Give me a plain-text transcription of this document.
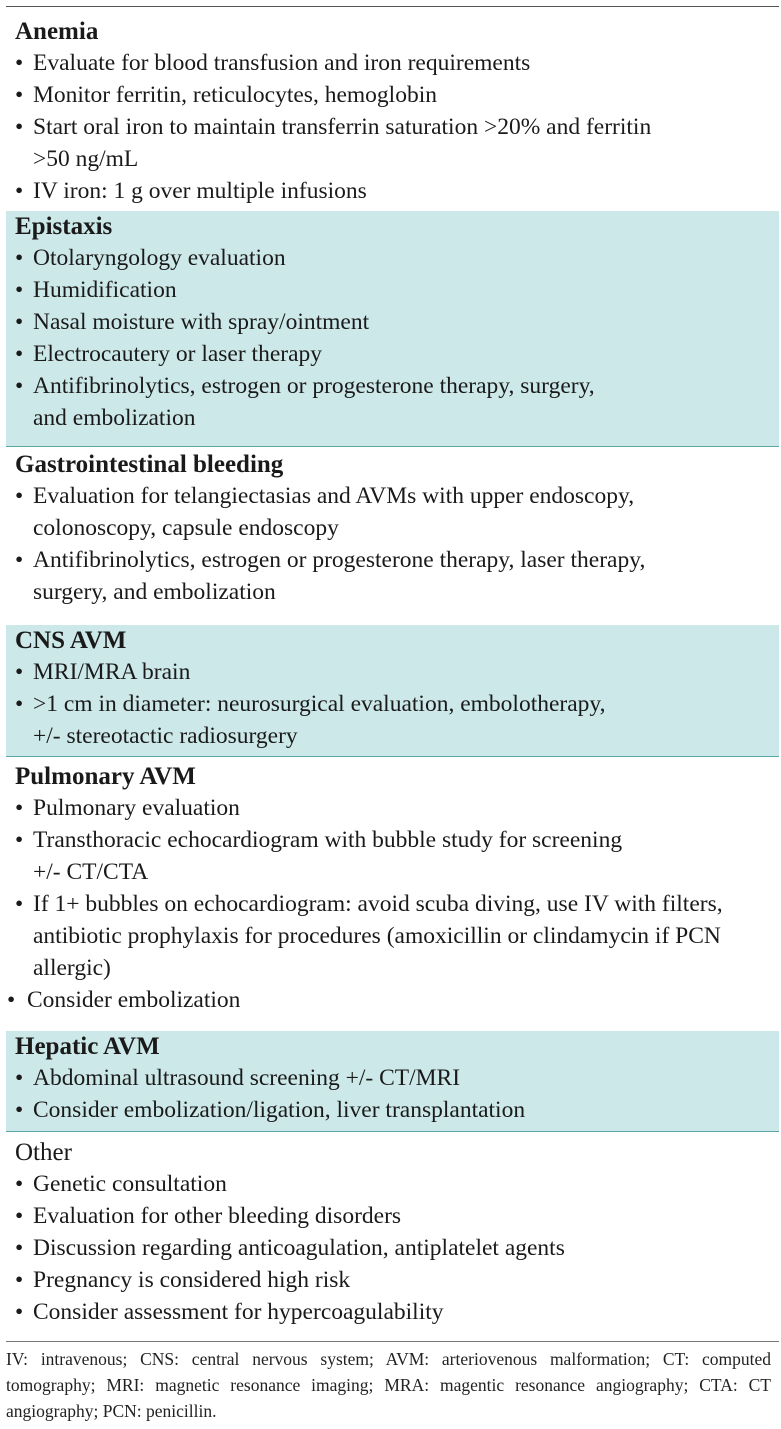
Anemia
• Evaluate for blood transfusion and iron requirements
• Monitor ferritin, reticulocytes, hemoglobin
• Start oral iron to maintain transferrin saturation >20% and ferritin
>50 ng/mL
• IV iron: 1 g over multiple infusions
Epistaxis
• Otolaryngology evaluation
• Humidification
• Nasal moisture with spray/ointment
• Electrocautery or laser therapy
• Antifibrinolytics, estrogen or progesterone therapy, surgery,
and embolization
Gastrointestinal bleeding
• Evaluation for telangiectasias and AVMs with upper endoscopy,
colonoscopy, capsule endoscopy
• Antifibrinolytics, estrogen or progesterone therapy, laser therapy,
surgery, and embolization
CNS AVM
• MRI/MRA brain
• >1 cm in diameter: neurosurgical evaluation, embolotherapy,
+/- stereotactic radiosurgery
Pulmonary AVM
• Pulmonary evaluation
• Transthoracic echocardiogram with bubble study for screening
+/- CT/CTA
• If 1+ bubbles on echocardiogram: avoid scuba diving, use IV with filters,
antibiotic prophylaxis for procedures (amoxicillin or clindamycin if PCN
allergic)
• Consider embolization
Hepatic AVM
• Abdominal ultrasound screening +/- CT/MRI
• Consider embolization/ligation, liver transplantation
Other
• Genetic consultation
• Evaluation for other bleeding disorders
• Discussion regarding anticoagulation, antiplatelet agents
• Pregnancy is considered high risk
• Consider assessment for hypercoagulability
IV: intravenous; CNS: central nervous system; AVM: arteriovenous malformation; CT: computed tomography; MRI: magnetic resonance imaging; MRA: magentic resonance angiography; CTA: CT angiography; PCN: penicillin.
